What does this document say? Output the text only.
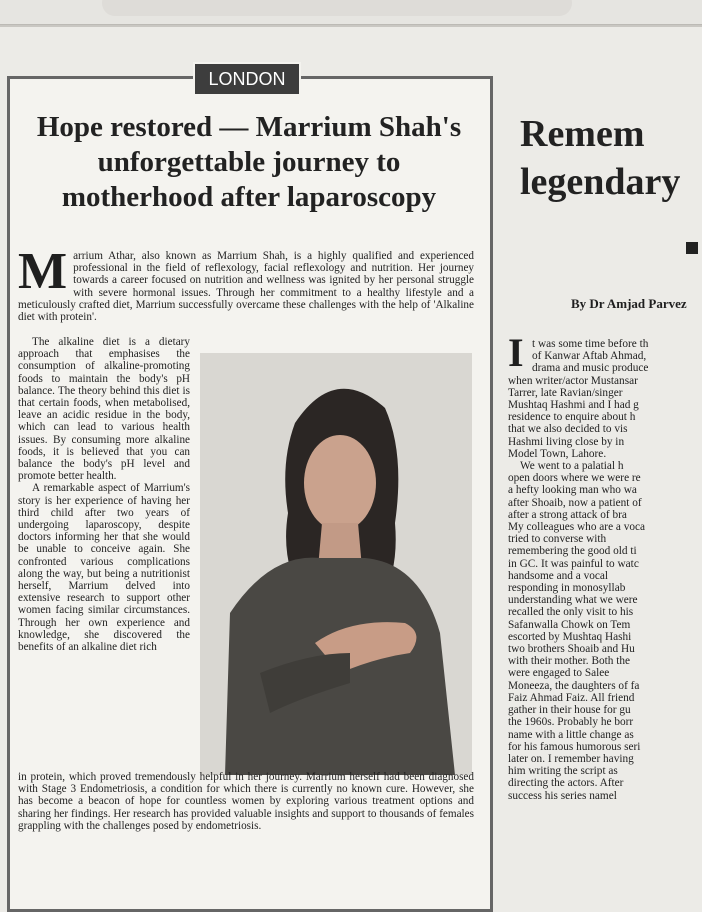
LONDON
Hope restored — Marrium Shah's unforgettable journey to motherhood after laparoscopy
M arrium Athar, also known as Marrium Shah, is a highly qualified and experienced professional in the field of reflexology, facial reflexology and nutrition. Her journey towards a career focused on nutrition and wellness was ignited by her personal struggle with severe hormonal issues. Through her commitment to a healthy lifestyle and a meticulously crafted diet, Marrium successfully overcame these challenges with the help of 'Alkaline diet with protein'.

The alkaline diet is a dietary approach that emphasises the consumption of alkaline-promoting foods to maintain the body's pH balance. The theory behind this diet is that certain foods, when metabolised, leave an acidic residue in the body, which can lead to various health issues. By consuming more alkaline foods, it is believed that you can balance the body's pH level and promote better health.

A remarkable aspect of Marrium's story is her experience of having her third child after two years of undergoing laparoscopy, despite doctors informing her that she would be unable to conceive again. She confronted various complications along the way, but being a nutritionist herself, Marrium delved into extensive research to support other women facing similar circumstances. Through her own experience and knowledge, she discovered the benefits of an alkaline diet rich

in protein, which proved tremendously helpful in her journey. Marrium herself had been diagnosed with Stage 3 Endometriosis, a condition for which there is currently no known cure. However, she has become a beacon of hope for countless women by exploring various treatment options and sharing her findings. Her research has provided valuable insights and support to thousands of females grappling with the challenges posed by endometriosis.
Remem
legendary
By Dr Amjad Parvez
I t was some time before th
of Kanwar Aftab Ahmad,
drama and music produce
when writer/actor Mustansar
Tarrer, late Ravian/singer
Mushtaq Hashmi and I had g
residence to enquire about h
that we also decided to vis
Hashmi living close by in
Model Town, Lahore.
We went to a palatial h
open doors where we were re
a hefty looking man who wa
after Shoaib, now a patient of
after a strong attack of bra
My colleagues who are a voca
tried to converse with
remembering the good old ti
in GC. It was painful to watc
handsome and a vocal
responding in monosyllab
understanding what we were
recalled the only visit to his
Safanwalla Chowk on Tem
escorted by Mushtaq Hashi
two brothers Shoaib and Hu
with their mother. Both the
were engaged to Salee
Moneeza, the daughters of fa
Faiz Ahmad Faiz. All friend
gather in their house for gu
the 1960s. Probably he borr
name with a little change as
for his famous humorous seri
later on. I remember having
him writing the script as
directing the actors. After
success his series namel
